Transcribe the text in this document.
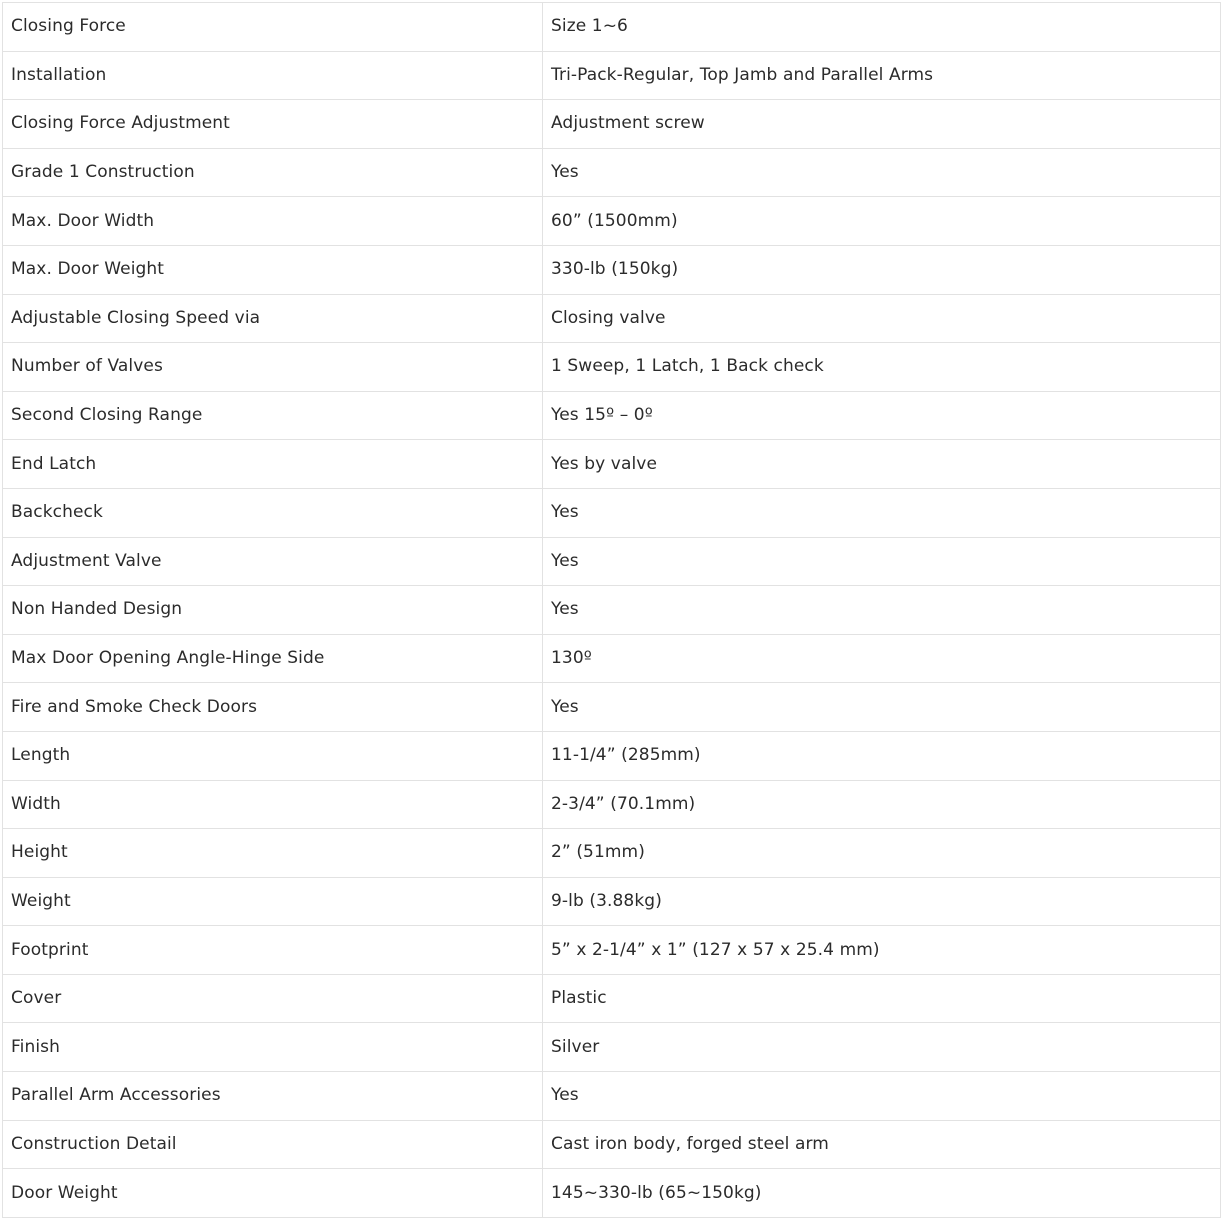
Closing Force	Size 1~6
Installation	Tri-Pack-Regular, Top Jamb and Parallel Arms
Closing Force Adjustment	Adjustment screw
Grade 1 Construction	Yes
Max. Door Width	60” (1500mm)
Max. Door Weight	330-lb (150kg)
Adjustable Closing Speed via	Closing valve
Number of Valves	1 Sweep, 1 Latch, 1 Back check
Second Closing Range	Yes 15º – 0º
End Latch	Yes by valve
Backcheck	Yes
Adjustment Valve	Yes
Non Handed Design	Yes
Max Door Opening Angle-Hinge Side	130º
Fire and Smoke Check Doors	Yes
Length	11-1/4” (285mm)
Width	2-3/4” (70.1mm)
Height	2” (51mm)
Weight	9-lb (3.88kg)
Footprint	5” x 2-1/4” x 1” (127 x 57 x 25.4 mm)
Cover	Plastic
Finish	Silver
Parallel Arm Accessories	Yes
Construction Detail	Cast iron body, forged steel arm
Door Weight	145~330-lb (65~150kg)
